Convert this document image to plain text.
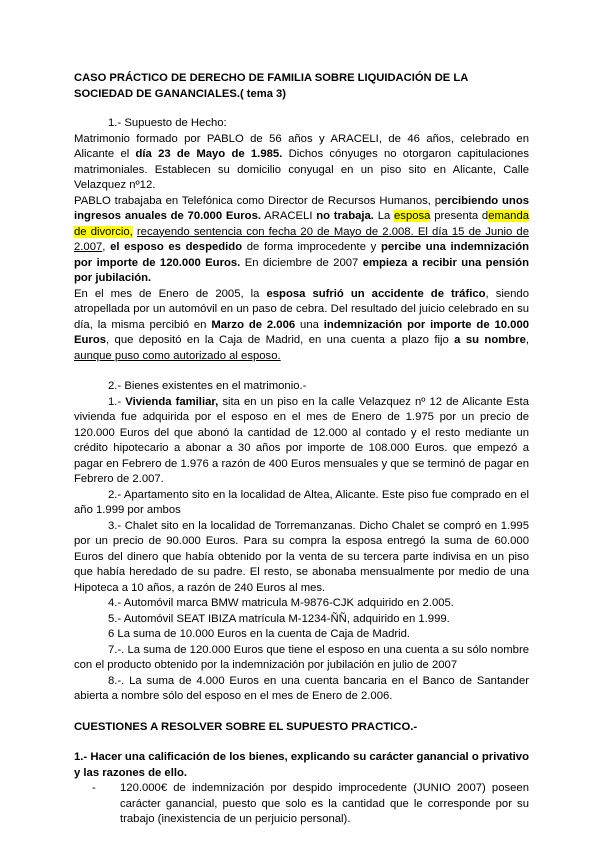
CASO PRÁCTICO DE DERECHO DE FAMILIA SOBRE LIQUIDACIÓN DE LA SOCIEDAD DE GANANCIALES.( tema 3)

1.- Supuesto de Hecho:

Matrimonio formado por PABLO de 56 años y ARACELI, de 46 años, celebrado en Alicante el día 23 de Mayo de 1.985. Dichos cónyuges no otorgaron capitulaciones matrimoniales. Establecen su domicilio conyugal en un piso sito en Alicante, Calle Velazquez nº12.

PABLO trabajaba en Telefónica como Director de Recursos Humanos, percibiendo unos ingresos anuales de 70.000 Euros. ARACELI no trabaja. La esposa presenta demanda de divorcio, recayendo sentencia con fecha 20 de Mayo de 2.008. El día 15 de Junio de 2.007, el esposo es despedido de forma improcedente y percibe una indemnización por importe de 120.000 Euros. En diciembre de 2007 empieza a recibir una pensión por jubilación.

En el mes de Enero de 2005, la esposa sufrió un accidente de tráfico, siendo atropellada por un automóvil en un paso de cebra. Del resultado del juicio celebrado en su día, la misma percibió en Marzo de 2.006 una indemnización por importe de 10.000 Euros, que depositó en la Caja de Madrid, en una cuenta a plazo fijo a su nombre, aunque puso como autorizado al esposo.

2.- Bienes existentes en el matrimonio.-

1.- Vivienda familiar, sita en un piso en la calle Velazquez nº 12 de Alicante Esta vivienda fue adquirida por el esposo en el mes de Enero de 1.975 por un precio de 120.000 Euros del que abonó la cantidad de 12.000 al contado y el resto mediante un crédito hipotecario a abonar a 30 años por importe de 108.000 Euros. que empezó a pagar en Febrero de 1.976 a razón de 400 Euros mensuales y que se terminó de pagar en Febrero de 2.007.

2.- Apartamento sito en la localidad de Altea, Alicante. Este piso fue comprado en el año 1.999 por ambos

3.- Chalet sito en la localidad de Torremanzanas. Dicho Chalet se compró en 1.995 por un precio de 90.000 Euros. Para su compra la esposa entregó la suma de 60.000 Euros del dinero que había obtenido por la venta de su tercera parte indivisa en un piso que había heredado de su padre. El resto, se abonaba mensualmente por medio de una Hipoteca a 10 años, a razón de 240 Euros al mes.

4.- Automóvil marca BMW matricula M-9876-CJK adquirido en 2.005.

5.- Automóvil SEAT IBIZA matrícula M-1234-ÑÑ, adquirido en 1.999.

6 La suma de 10.000 Euros en la cuenta de Caja de Madrid.

7.-. La suma de 120.000 Euros que tiene el esposo en una cuenta a su sólo nombre con el producto obtenido por la indemnización por jubilación en julio de 2007

8.-. La suma de 4.000 Euros en una cuenta bancaria en el Banco de Santander abierta a nombre sólo del esposo en el mes de Enero de 2.006.

CUESTIONES A RESOLVER SOBRE EL SUPUESTO PRACTICO.-

1.- Hacer una calificación de los bienes, explicando su carácter ganancial o privativo y las razones de ello.

-	120.000€ de indemnización por despido improcedente (JUNIO 2007) poseen carácter ganancial, puesto que solo es la cantidad que le corresponde por su trabajo (inexistencia de un perjuicio personal).
